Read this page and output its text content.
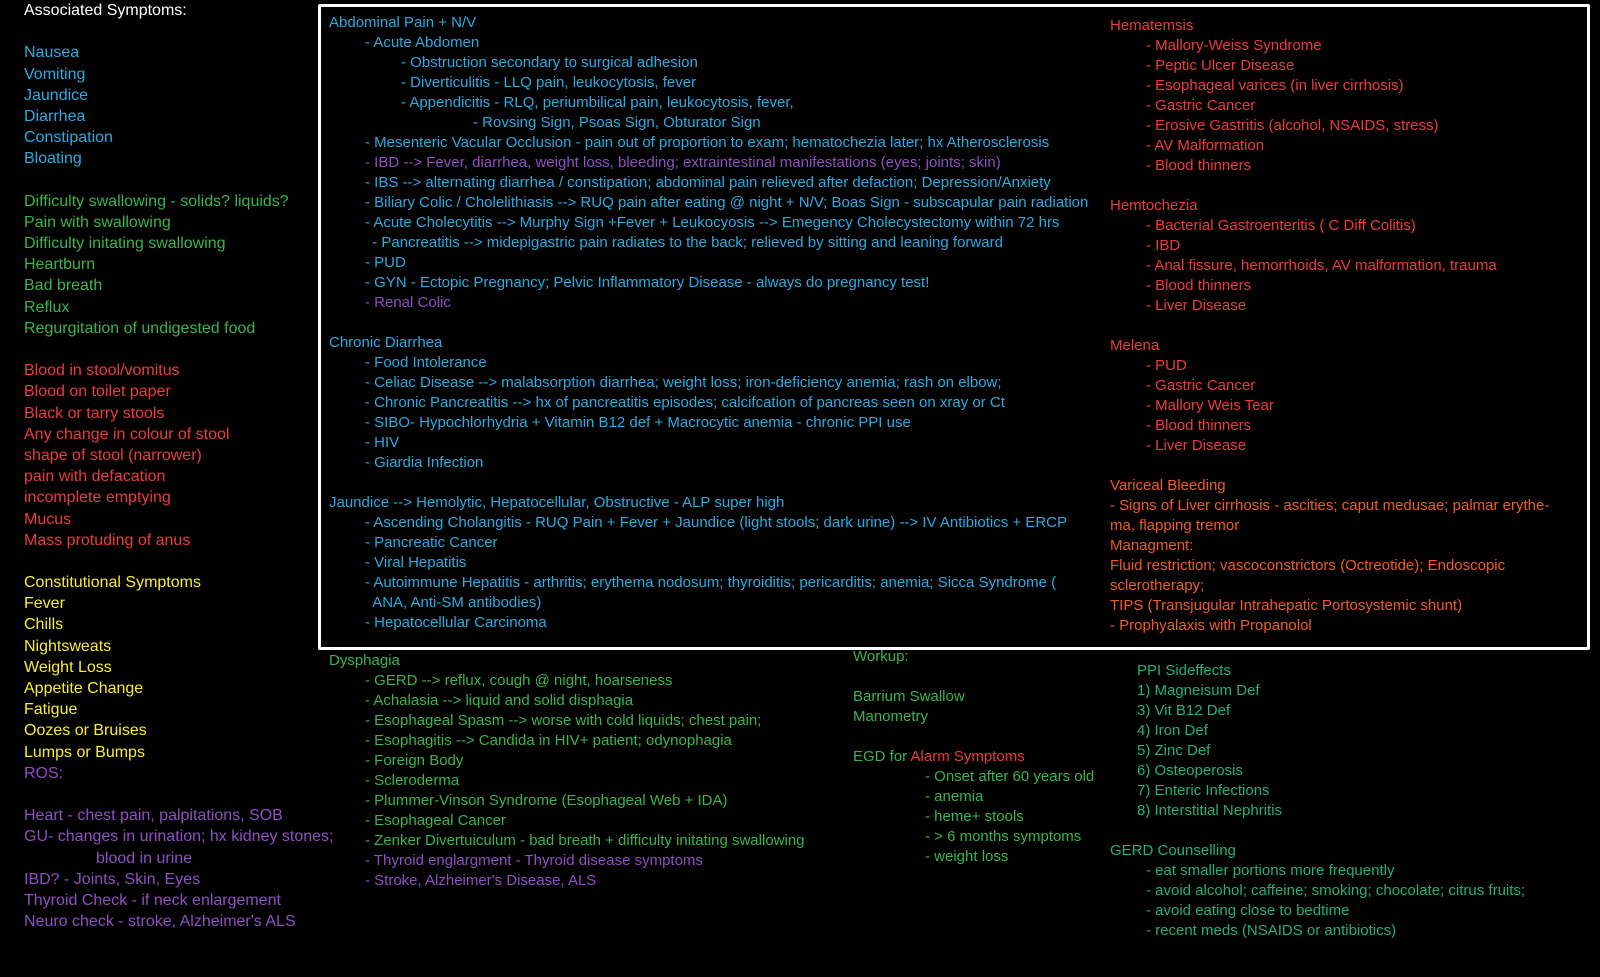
Associated Symptoms:
Nausea
Vomiting
Jaundice
Diarrhea
Constipation
Bloating
Difficulty swallowing - solids? liquids?
Pain with swallowing
Difficulty initating swallowing
Heartburn
Bad breath
Reflux
Regurgitation of undigested food
Blood in stool/vomitus
Blood on toilet paper
Black or tarry stools
Any change in colour of stool
shape of stool (narrower)
pain with defacation
incomplete emptying
Mucus
Mass protuding of anus
Constitutional Symptoms
Fever
Chills
Nightsweats
Weight Loss
Appetite Change
Fatigue
Oozes or Bruises
Lumps or Bumps
ROS:
Heart - chest pain, palpitations, SOB
GU- changes in urination; hx kidney stones;
blood in urine
IBD? - Joints, Skin, Eyes
Thyroid Check - if neck enlargement
Neuro check - stroke, Alzheimer's ALS
Abdominal Pain + N/V
- Acute Abdomen
- Obstruction secondary to surgical adhesion
- Diverticulitis - LLQ pain, leukocytosis, fever
- Appendicitis - RLQ, periumbilical pain, leukocytosis, fever,
- Rovsing Sign, Psoas Sign, Obturator Sign
- Mesenteric Vacular Occlusion - pain out of proportion to exam; hematochezia later; hx Atherosclerosis
- IBD --> Fever, diarrhea, weight loss, bleeding; extraintestinal manifestations (eyes; joints; skin)
- IBS --> alternating diarrhea / constipation; abdominal pain relieved after defaction; Depression/Anxiety
- Biliary Colic / Cholelithiasis --> RUQ pain after eating @ night + N/V; Boas Sign - subscapular pain radiation
- Acute Cholecytitis --> Murphy Sign +Fever + Leukocyosis --> Emegency Cholecystectomy within 72 hrs
- Pancreatitis --> midepigastric pain radiates to the back; relieved by sitting and leaning forward
- PUD
- GYN - Ectopic Pregnancy; Pelvic Inflammatory Disease - always do pregnancy test!
- Renal Colic
Chronic Diarrhea
- Food Intolerance
- Celiac Disease --> malabsorption diarrhea; weight loss; iron-deficiency anemia; rash on elbow;
- Chronic Pancreatitis --> hx of pancreatitis episodes; calcifcation of pancreas seen on xray or Ct
- SIBO- Hypochlorhydria + Vitamin B12 def + Macrocytic anemia - chronic PPI use
- HIV
- Giardia Infection
Jaundice --> Hemolytic, Hepatocellular, Obstructive - ALP super high
- Ascending Cholangitis - RUQ Pain + Fever + Jaundice (light stools; dark urine) --> IV Antibiotics + ERCP
- Pancreatic Cancer
- Viral Hepatitis
- Autoimmune Hepatitis - arthritis; erythema nodosum; thyroiditis; pericarditis; anemia; Sicca Syndrome (
ANA, Anti-SM antibodies)
- Hepatocellular Carcinoma
Hematemsis
- Mallory-Weiss Syndrome
- Peptic Ulcer Disease
- Esophageal varices (in liver cirrhosis)
- Gastric Cancer
- Erosive Gastritis (alcohol, NSAIDS, stress)
- AV Malformation
- Blood thinners
Hemtochezia
- Bacterial Gastroenteritis ( C Diff Colitis)
- IBD
- Anal fissure, hemorrhoids, AV malformation, trauma
- Blood thinners
- Liver Disease
Melena
- PUD
- Gastric Cancer
- Mallory Weis Tear
- Blood thinners
- Liver Disease
Variceal Bleeding
- Signs of Liver cirrhosis - ascities; caput medusae; palmar erythe-
ma, flapping tremor
Managment:
Fluid restriction; vascoconstrictors (Octreotide); Endoscopic
sclerotherapy;
TIPS (Transjugular Intrahepatic Portosystemic shunt)
- Prophyalaxis with Propanolol
Dysphagia
- GERD --> reflux, cough @ night, hoarseness
- Achalasia --> liquid and solid disphagia
- Esophageal Spasm --> worse with cold liquids; chest pain;
- Esophagitis --> Candida in HIV+ patient; odynophagia
- Foreign Body
- Scleroderma
- Plummer-Vinson Syndrome (Esophageal Web + IDA)
- Esophageal Cancer
- Zenker Divertuiculum - bad breath + difficulty initating swallowing
- Thyroid englargment - Thyroid disease symptoms
- Stroke, Alzheimer's Disease, ALS
Workup:
Barrium Swallow
Manometry
EGD for Alarm Symptoms
- Onset after 60 years old
- anemia
- heme+ stools
- > 6 months symptoms
- weight loss
PPI Sideffects
1) Magneisum Def
3) Vit B12 Def
4) Iron Def
5) Zinc Def
6) Osteoperosis
7) Enteric Infections
8) Interstitial Nephritis
GERD Counselling
- eat smaller portions more frequently
- avoid alcohol; caffeine; smoking; chocolate; citrus fruits;
- avoid eating close to bedtime
- recent meds (NSAIDS or antibiotics)
